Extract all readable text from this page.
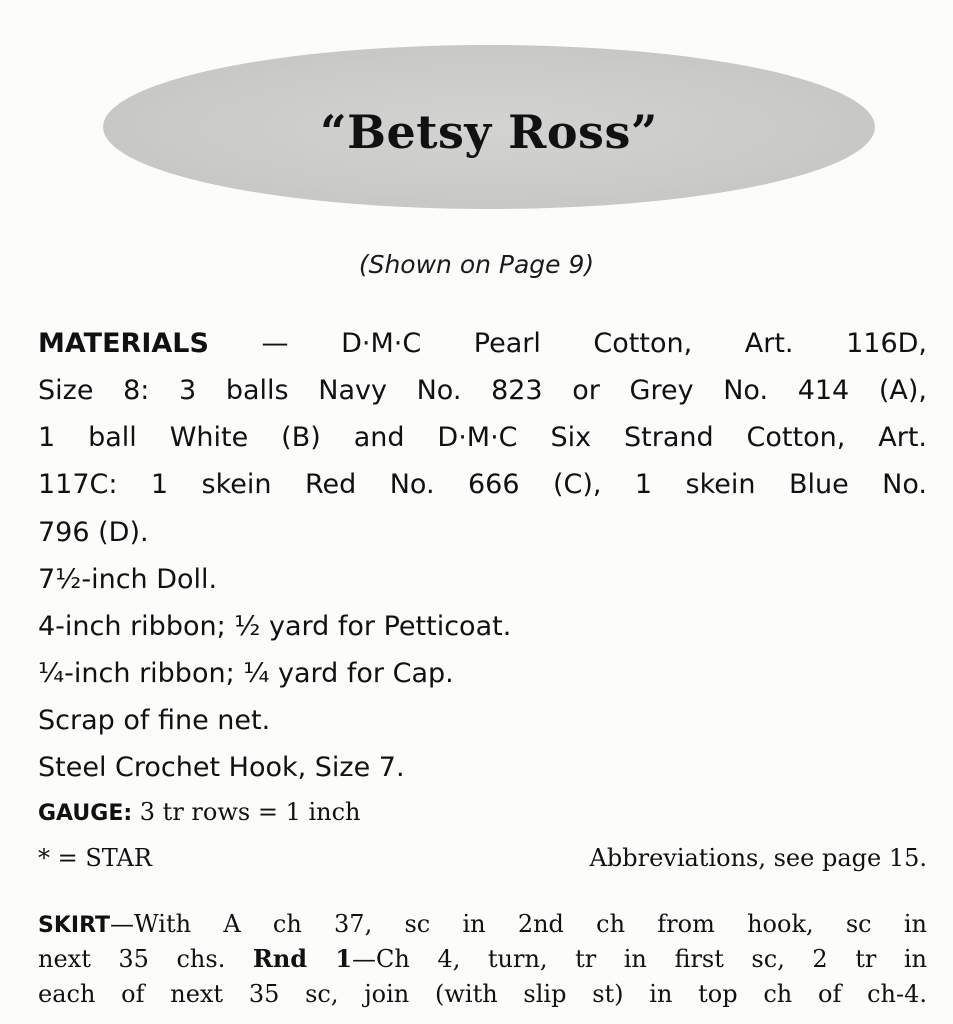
“Betsy Ross”
(Shown on Page 9)
MATERIALS — D·M·C Pearl Cotton, Art. 116D,
Size 8: 3 balls Navy No. 823 or Grey No. 414 (A),
1 ball White (B) and D·M·C Six Strand Cotton, Art.
117C: 1 skein Red No. 666 (C), 1 skein Blue No.
796 (D).
7½-inch Doll.
4-inch ribbon; ½ yard for Petticoat.
¼-inch ribbon; ¼ yard for Cap.
Scrap of fine net.
Steel Crochet Hook, Size 7.
GAUGE: 3 tr rows = 1 inch
* = STAR	Abbreviations, see page 15.
SKIRT—With A ch 37, sc in 2nd ch from hook, sc in
next 35 chs. Rnd 1—Ch 4, turn, tr in first sc, 2 tr in
each of next 35 sc, join (with slip st) in top ch of ch-4.
